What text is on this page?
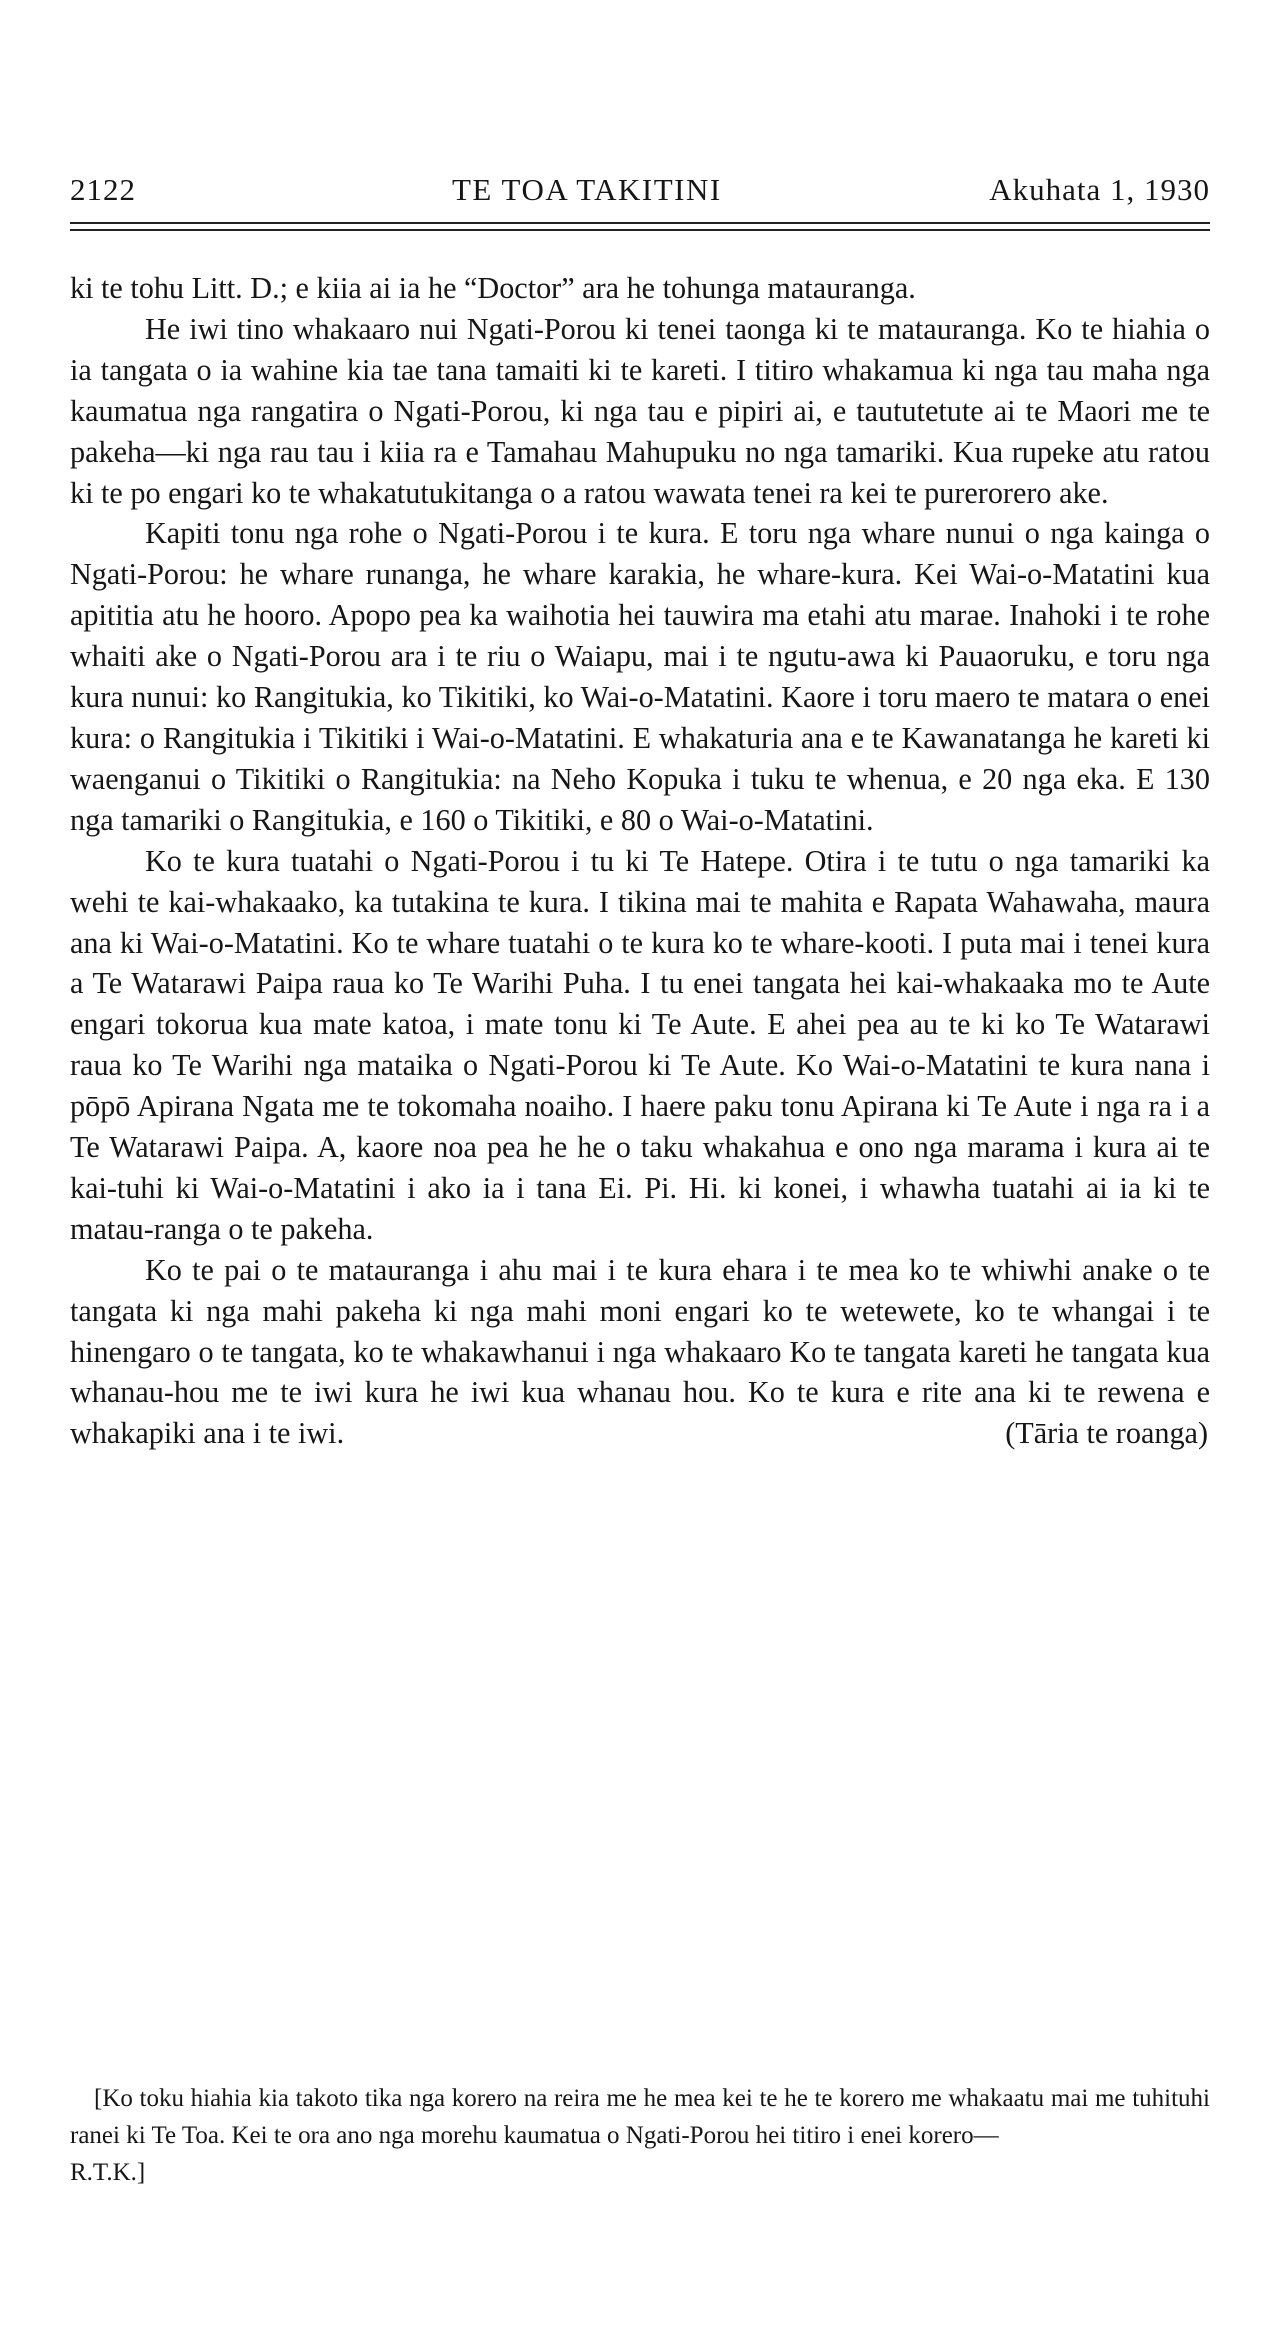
2122	TE TOA TAKITINI	Akuhata 1, 1930

ki te tohu Litt. D.; e kiia ai ia he “Doctor” ara he tohunga matauranga.

He iwi tino whakaaro nui Ngati-Porou ki tenei taonga ki te matauranga. Ko te hiahia o ia tangata o ia wahine kia tae tana tamaiti ki te kareti. I titiro whakamua ki nga tau maha nga kaumatua nga rangatira o Ngati-Porou, ki nga tau e pipiri ai, e taututetute ai te Maori me te pakeha—ki nga rau tau i kiia ra e Tamahau Mahupuku no nga tamariki. Kua rupeke atu ratou ki te po engari ko te whakatutukitanga o a ratou wawata tenei ra kei te purerorero ake.

Kapiti tonu nga rohe o Ngati-Porou i te kura. E toru nga whare nunui o nga kainga o Ngati-Porou: he whare runanga, he whare karakia, he whare-kura. Kei Wai-o-Matatini kua apititia atu he hooro. Apopo pea ka waihotia hei tauwira ma etahi atu marae. Inahoki i te rohe whaiti ake o Ngati-Porou ara i te riu o Waiapu, mai i te ngutu-awa ki Pauaoruku, e toru nga kura nunui: ko Rangitukia, ko Tikitiki, ko Wai-o-Matatini. Kaore i toru maero te matara o enei kura: o Rangitukia i Tikitiki i Wai-o-Matatini. E whakaturia ana e te Kawanatanga he kareti ki waenganui o Tikitiki o Rangitukia: na Neho Kopuka i tuku te whenua, e 20 nga eka. E 130 nga tamariki o Rangitukia, e 160 o Tikitiki, e 80 o Wai-o-Matatini.

Ko te kura tuatahi o Ngati-Porou i tu ki Te Hatepe. Otira i te tutu o nga tamariki ka wehi te kai-whakaako, ka tutakina te kura. I tikina mai te mahita e Rapata Wahawaha, maura ana ki Wai-o-Matatini. Ko te whare tuatahi o te kura ko te whare-kooti. I puta mai i tenei kura a Te Watarawi Paipa raua ko Te Warihi Puha. I tu enei tangata hei kai-whakaaka mo te Aute engari tokorua kua mate katoa, i mate tonu ki Te Aute. E ahei pea au te ki ko Te Watarawi raua ko Te Warihi nga mataika o Ngati-Porou ki Te Aute. Ko Wai-o-Matatini te kura nana i pōpō Apirana Ngata me te tokomaha noaiho. I haere paku tonu Apirana ki Te Aute i nga ra i a Te Watarawi Paipa. A, kaore noa pea he he o taku whakahua e ono nga marama i kura ai te kai-tuhi ki Wai-o-Matatini i ako ia i tana Ei. Pi. Hi. ki konei, i whawha tuatahi ai ia ki te matau-ranga o te pakeha.

Ko te pai o te matauranga i ahu mai i te kura ehara i te mea ko te whiwhi anake o te tangata ki nga mahi pakeha ki nga mahi moni engari ko te wetewete, ko te whangai i te hinengaro o te tangata, ko te whakawhanui i nga whakaaro Ko te tangata kareti he tangata kua whanau-hou me te iwi kura he iwi kua whanau hou. Ko te kura e rite ana ki te rewena e whakapiki ana i te iwi.	(Tāria te roanga)

[Ko toku hiahia kia takoto tika nga korero na reira me he mea kei te he te korero me whakaatu mai me tuhituhi ranei ki Te Toa. Kei te ora ano nga morehu kaumatua o Ngati-Porou hei titiro i enei korero—

R.T.K.]
